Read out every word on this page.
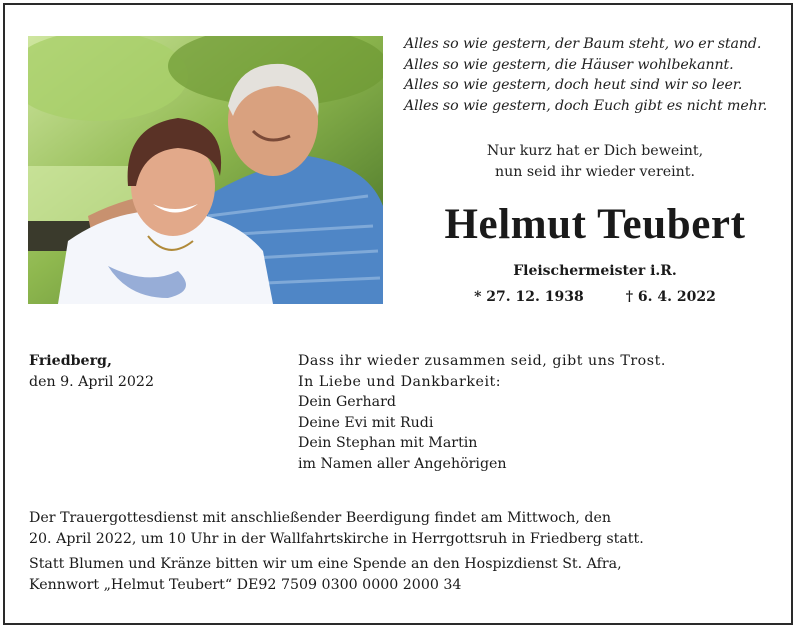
Alles so wie gestern, der Baum steht, wo er stand.
Alles so wie gestern, die Häuser wohlbekannt.
Alles so wie gestern, doch heut sind wir so leer.
Alles so wie gestern, doch Euch gibt es nicht mehr.
Nur kurz hat er Dich beweint,
nun seid ihr wieder vereint.
Helmut Teubert
Fleischermeister i.R.
* 27. 12. 1938	† 6. 4. 2022
Friedberg,
den 9. April 2022
Dass ihr wieder zusammen seid, gibt uns Trost.
In Liebe und Dankbarkeit:
Dein Gerhard
Deine Evi mit Rudi
Dein Stephan mit Martin
im Namen aller Angehörigen
Der Trauergottesdienst mit anschließender Beerdigung findet am Mittwoch, den
20. April 2022, um 10 Uhr in der Wallfahrtskirche in Herrgottsruh in Friedberg statt.
Statt Blumen und Kränze bitten wir um eine Spende an den Hospizdienst St. Afra,
Kennwort „Helmut Teubert“ DE92 7509 0300 0000 2000 34
